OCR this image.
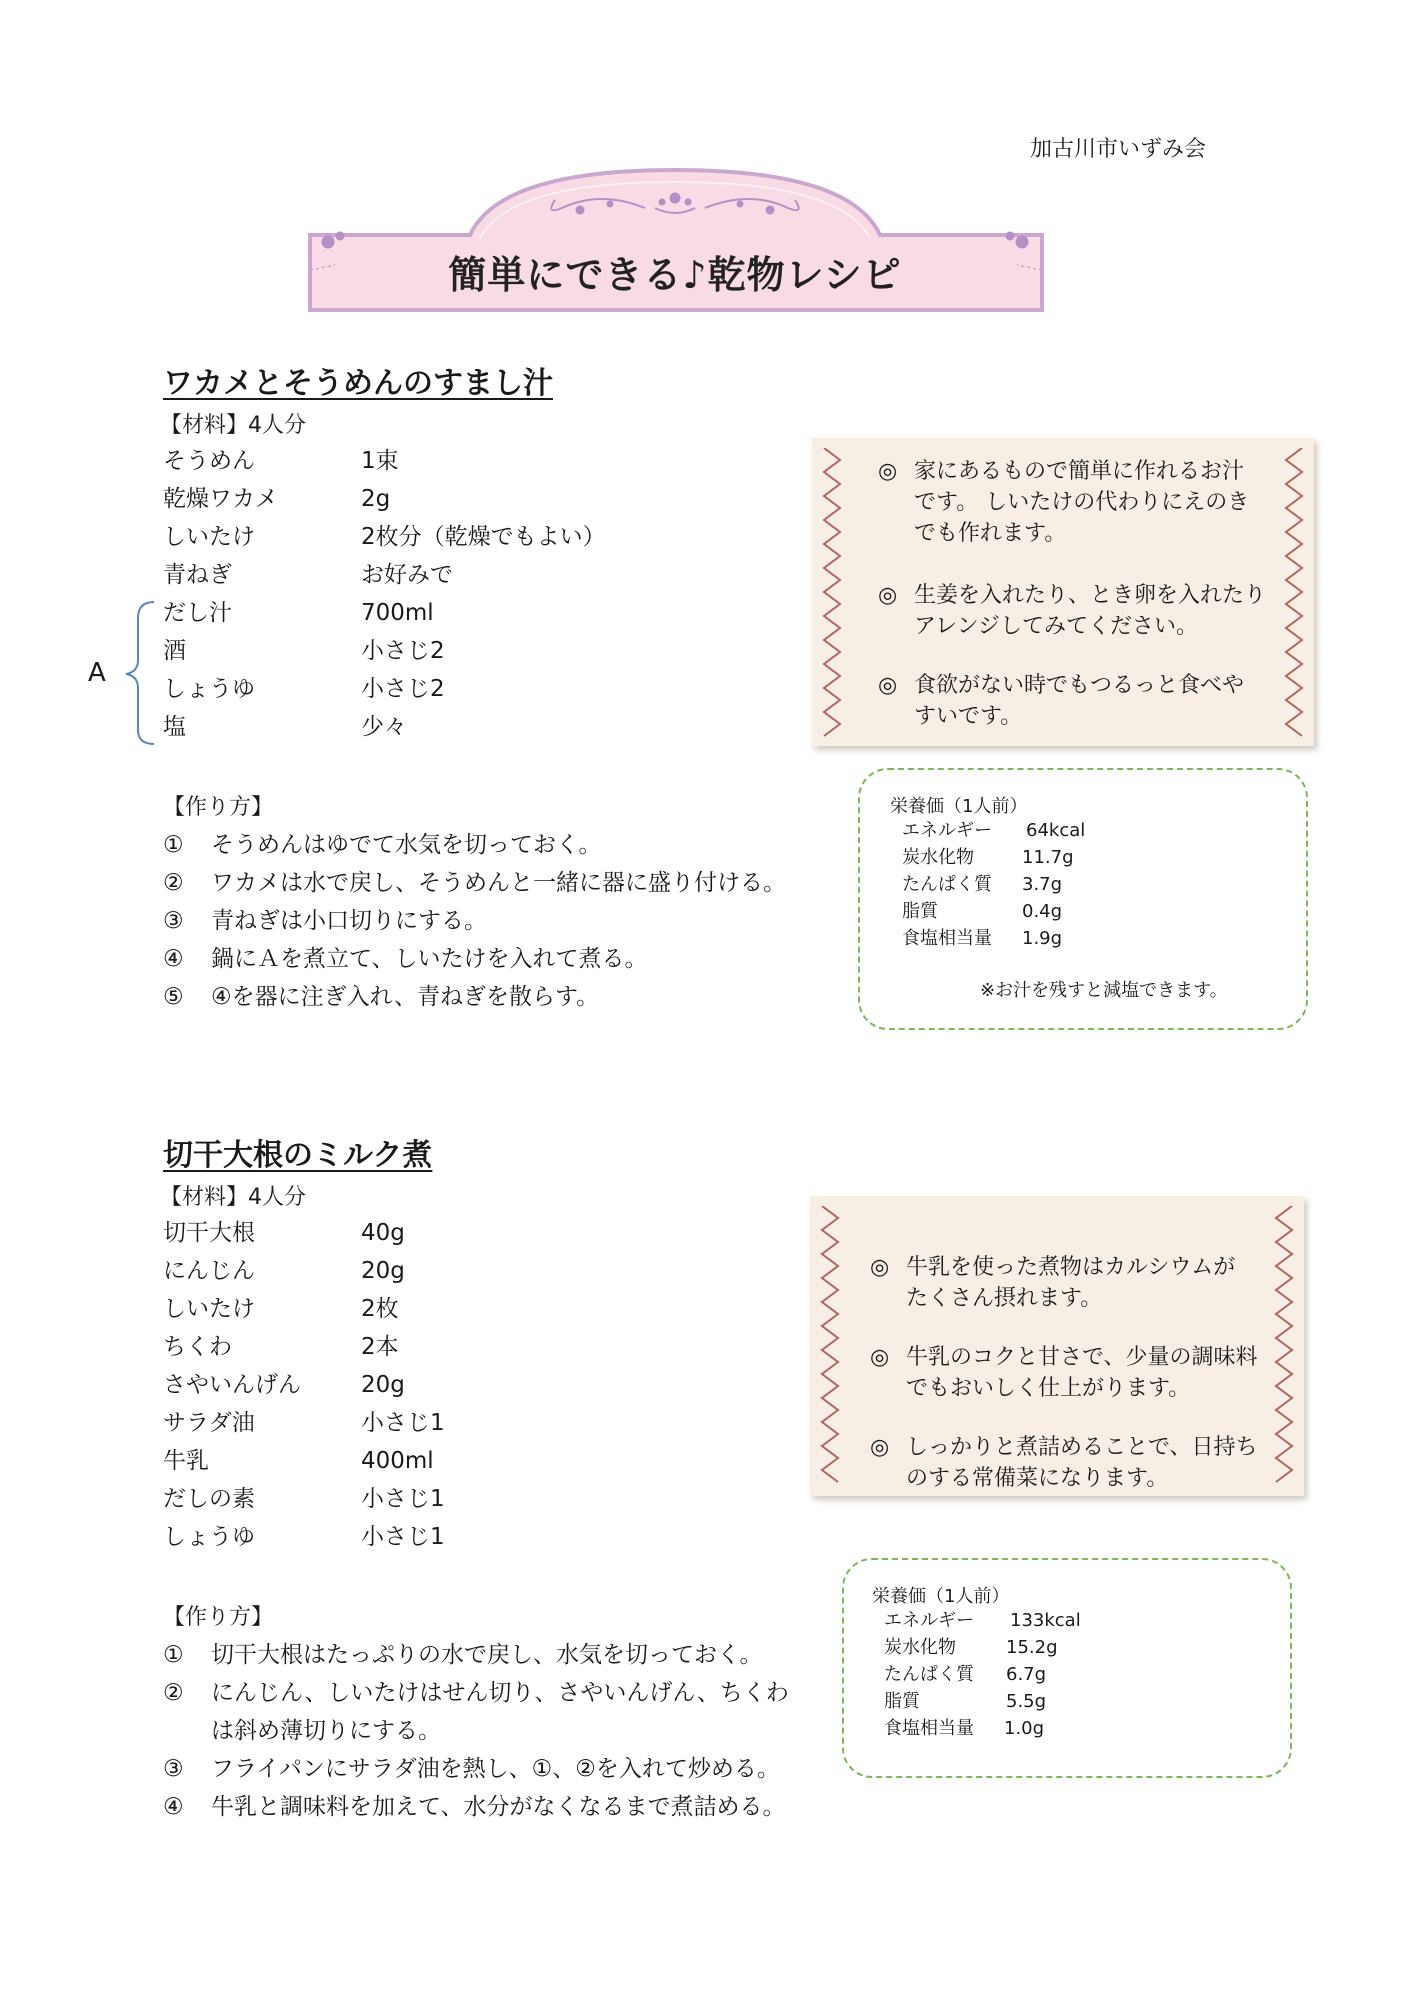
加古川市いずみ会
簡単にできる♪乾物レシピ
ワカメとそうめんのすまし汁
【材料】4人分
そうめん	1束
乾燥ワカメ	2g
しいたけ	2枚分（乾燥でもよい）
青ねぎ	お好みで
だし汁	700ml
酒	小さじ2
しょうゆ	小さじ2
塩	少々
A
【作り方】
① そうめんはゆでて水気を切っておく。
② ワカメは水で戻し、そうめんと一緒に器に盛り付ける。
③ 青ねぎは小口切りにする。
④ 鍋にＡを煮立て、しいたけを入れて煮る。
⑤ ④を器に注ぎ入れ、青ねぎを散らす。
◎ 家にあるもので簡単に作れるお汁
です。 しいたけの代わりにえのき
でも作れます。
◎ 生姜を入れたり、とき卵を入れたり
アレンジしてみてください。
◎ 食欲がない時でもつるっと食べや
すいです。
栄養価（1人前）
エネルギー 64kcal
炭水化物	11.7g
たんぱく質 3.7g
脂質	0.4g
食塩相当量 1.9g
※お汁を残すと減塩できます。
切干大根のミルク煮
【材料】4人分
切干大根	40g
にんじん	20g
しいたけ	2枚
ちくわ	2本
さやいんげん	20g
サラダ油	小さじ1
牛乳	400ml
だしの素	小さじ1
しょうゆ	小さじ1
【作り方】
① 切干大根はたっぷりの水で戻し、水気を切っておく。
② にんじん、しいたけはせん切り、さやいんげん、ちくわ
は斜め薄切りにする。
③ フライパンにサラダ油を熱し、①、②を入れて炒める。
④ 牛乳と調味料を加えて、水分がなくなるまで煮詰める。
◎ 牛乳を使った煮物はカルシウムが
たくさん摂れます。
◎ 牛乳のコクと甘さで、少量の調味料
でもおいしく仕上がります。
◎ しっかりと煮詰めることで、日持ち
のする常備菜になります。
栄養価（1人前）
エネルギー 133kcal
炭水化物	15.2g
たんぱく質 6.7g
脂質	5.5g
食塩相当量 1.0g
